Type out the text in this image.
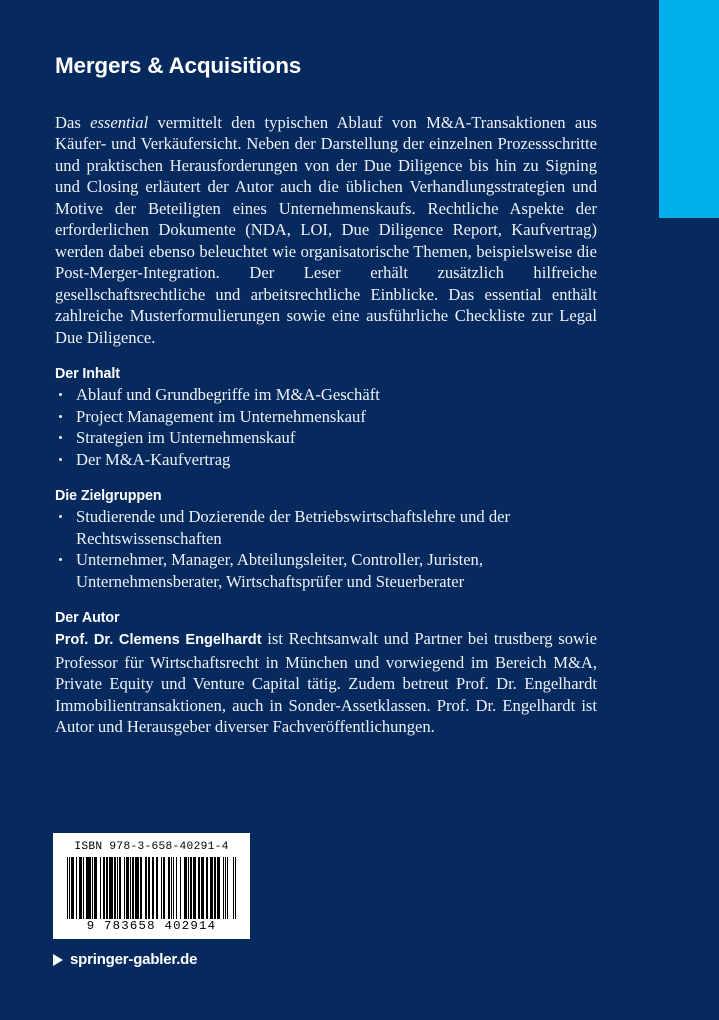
Mergers & Acquisitions

Das essential vermittelt den typischen Ablauf von M&A-Transaktionen aus Käufer- und Verkäufersicht. Neben der Darstellung der einzelnen Prozessschritte und praktischen Herausforderungen von der Due Diligence bis hin zu Signing und Closing erläutert der Autor auch die üblichen Verhandlungsstrategien und Motive der Beteiligten eines Unternehmenskaufs. Rechtliche Aspekte der erforderlichen Dokumente (NDA, LOI, Due Diligence Report, Kaufvertrag) werden dabei ebenso beleuchtet wie organisatorische Themen, beispielsweise die Post-Merger-Integration. Der Leser erhält zusätzlich hilfreiche gesellschaftsrechtliche und arbeitsrechtliche Einblicke. Das essential enthält zahlreiche Musterformulierungen sowie eine ausführliche Checkliste zur Legal Due Diligence.

Der Inhalt
Ablauf und Grundbegriffe im M&A-Geschäft
Project Management im Unternehmenskauf
Strategien im Unternehmenskauf
Der M&A-Kaufvertrag
Die Zielgruppen
Studierende und Dozierende der Betriebswirtschaftslehre und der Rechtswissenschaften
Unternehmer, Manager, Abteilungsleiter, Controller, Juristen, Unternehmensberater, Wirtschaftsprüfer und Steuerberater
Der Autor

Prof. Dr. Clemens Engelhardt ist Rechtsanwalt und Partner bei trustberg sowie Professor für Wirtschaftsrecht in München und vorwiegend im Bereich M&A, Private Equity und Venture Capital tätig. Zudem betreut Prof. Dr. Engelhardt Immobilientransaktionen, auch in Sonder-Assetklassen. Prof. Dr. Engelhardt ist Autor und Herausgeber diverser Fachveröffentlichungen.

ISBN 978-3-658-40291-4
9 783658 402914
springer-gabler.de
